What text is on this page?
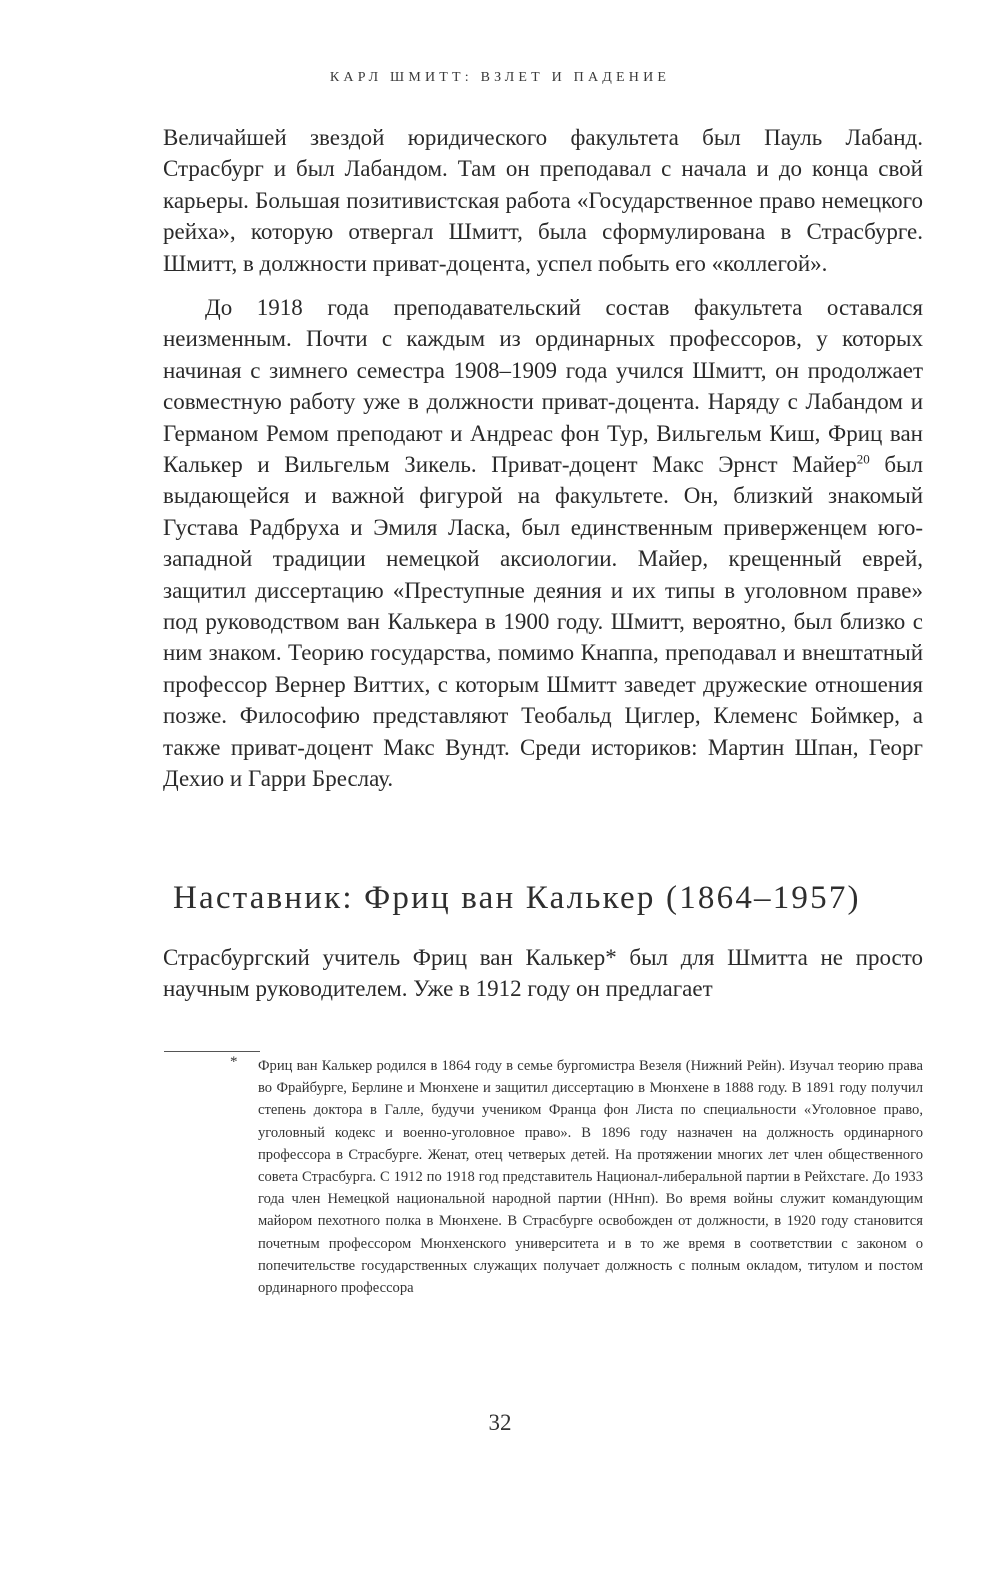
КАРЛ ШМИТТ: ВЗЛЕТ И ПАДЕНИЕ

Величайшей звездой юридического факультета был Пауль Лабанд. Страсбург и был Лабандом. Там он преподавал с начала и до конца свой карьеры. Большая позитивистская работа «Государственное право немецкого рейха», которую отвергал Шмитт, была сформулирована в Страсбурге. Шмитт, в должности приват-доцента, успел побыть его «коллегой».

До 1918 года преподавательский состав факультета оставался неизменным. Почти с каждым из ординарных профессоров, у которых начиная с зимнего семестра 1908–1909 года учился Шмитт, он продолжает совместную работу уже в должности приват-доцента. Наряду с Лабандом и Германом Ремом преподают и Андреас фон Тур, Вильгельм Киш, Фриц ван Калькер и Вильгельм Зикель. Приват-доцент Макс Эрнст Майер$^{20}$ был выдающейся и важной фигурой на факультете. Он, близкий знакомый Густава Радбруха и Эмиля Ласка, был единственным приверженцем юго-западной традиции немецкой аксиологии. Майер, крещенный еврей, защитил диссертацию «Преступные деяния и их типы в уголовном праве» под руководством ван Калькера в 1900 году. Шмитт, вероятно, был близко с ним знаком. Теорию государства, помимо Кнаппа, преподавал и внештатный профессор Вернер Виттих, с которым Шмитт заведет дружеские отношения позже. Философию представляют Теобальд Циглер, Клеменс Боймкер, а также приват-доцент Макс Вундт. Среди историков: Мартин Шпан, Георг Дехио и Гарри Бреслау.

Наставник: Фриц ван Калькер (1864–1957)

Страсбургский учитель Фриц ван Калькер* был для Шмитта не просто научным руководителем. Уже в 1912 году он предлагает

* Фриц ван Калькер родился в 1864 году в семье бургомистра Везеля (Нижний Рейн). Изучал теорию права во Фрайбурге, Берлине и Мюнхене и защитил диссертацию в Мюнхене в 1888 году. В 1891 году получил степень доктора в Галле, будучи учеником Франца фон Листа по специальности «Уголовное право, уголовный кодекс и военно-уголовное право». В 1896 году назначен на должность ординарного профессора в Страсбурге. Женат, отец четверых детей. На протяжении многих лет член общественного совета Страсбурга. С 1912 по 1918 год представитель Национал-либеральной партии в Рейхстаге. До 1933 года член Немецкой национальной народной партии (ННнп). Во время войны служит командующим майором пехотного полка в Мюнхене. В Страсбурге освобожден от должности, в 1920 году становится почетным профессором Мюнхенского университета и в то же время в соответствии с законом о попечительстве государственных служащих получает должность с полным окладом, титулом и постом ординарного профессора
32
